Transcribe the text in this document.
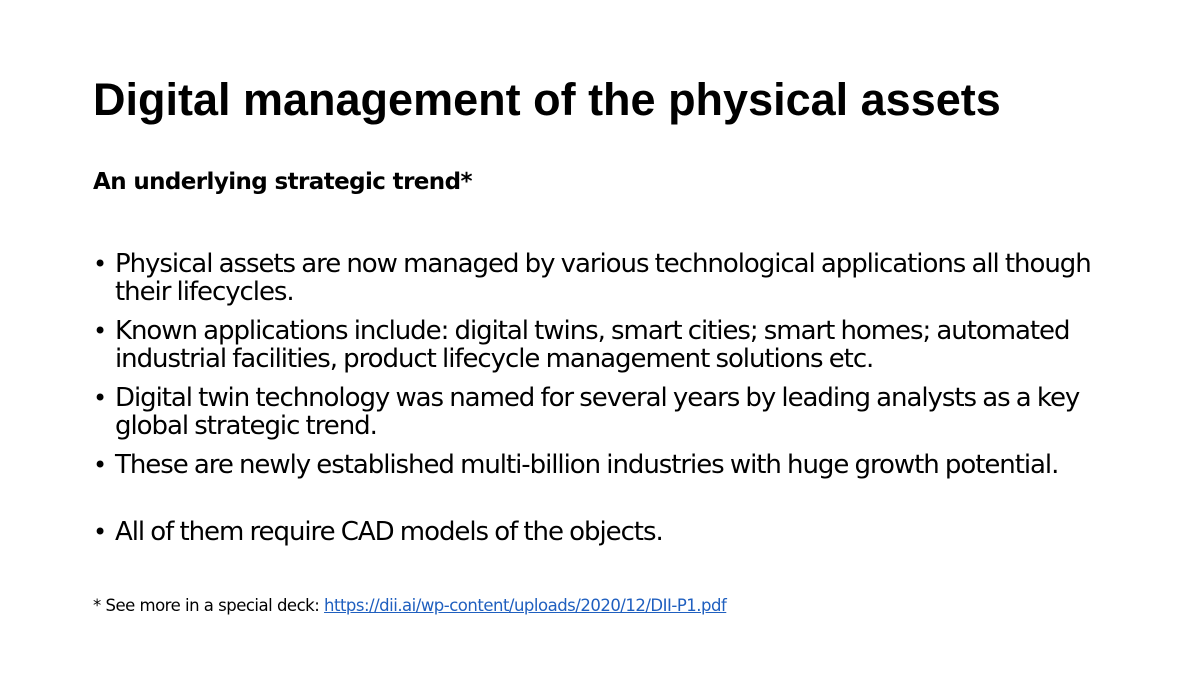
Digital management of the physical assets
An underlying strategic trend*
• Physical assets are now managed by various technological applications all though their lifecycles.
• Known applications include: digital twins, smart cities; smart homes; automated industrial facilities, product lifecycle management solutions etc.
• Digital twin technology was named for several years by leading analysts as a key global strategic trend.
• These are newly established multi-billion industries with huge growth potential.
• All of them require CAD models of the objects.
* See more in a special deck: https://dii.ai/wp-content/uploads/2020/12/DII-P1.pdf
